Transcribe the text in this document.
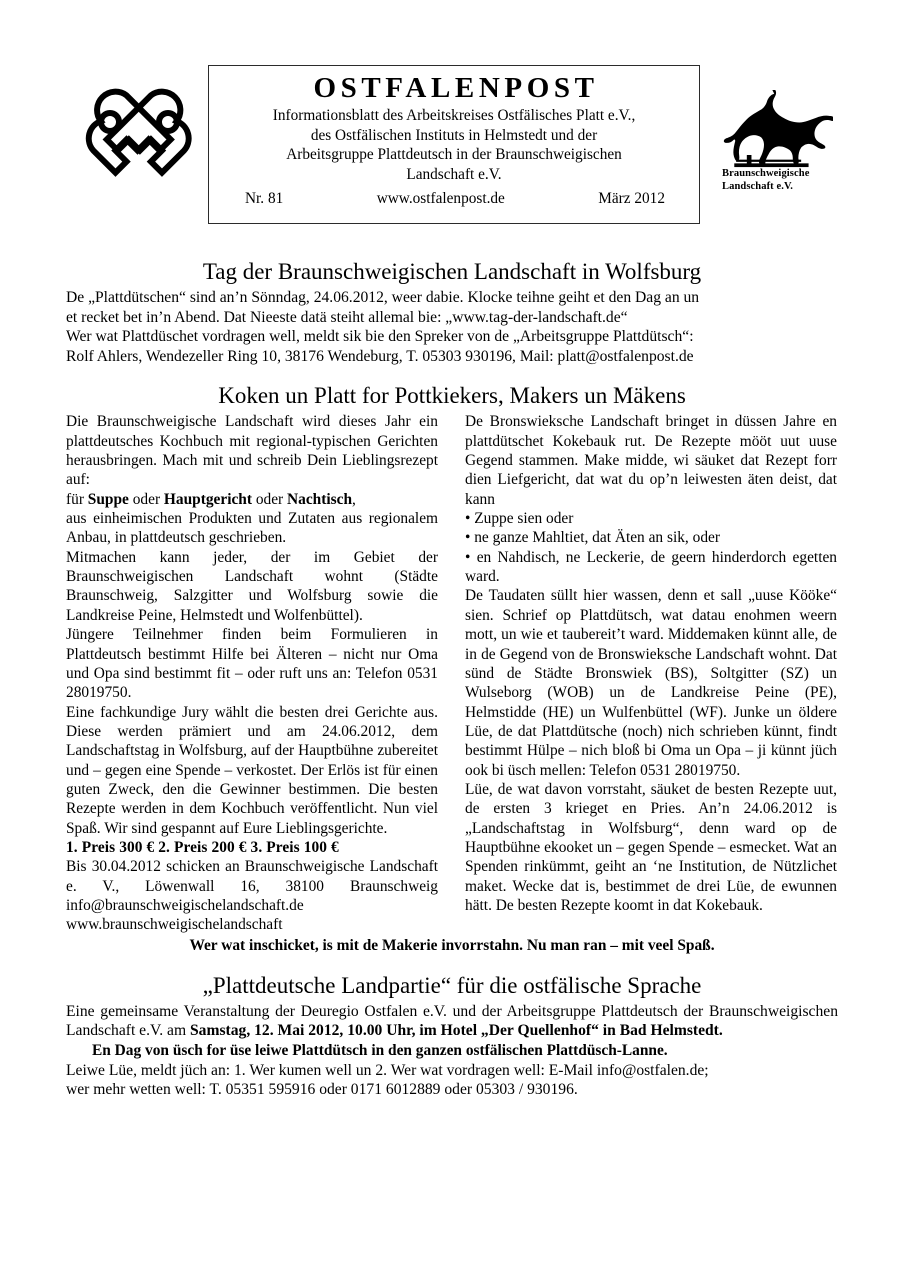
OSTFALENPOST
Informationsblatt des Arbeitskreises Ostfälisches Platt e.V.,
des Ostfälischen Instituts in Helmstedt und der
Arbeitsgruppe Plattdeutsch in der Braunschweigischen
Landschaft e.V.
Nr. 81	www.ostfalenpost.de	März 2012
Braunschweigische
Landschaft e.V.
Tag der Braunschweigischen Landschaft in Wolfsburg

De „Plattdütschen“ sind an’n Sönndag, 24.06.2012, weer dabie. Klocke teihne geiht et den Dag an un

et recket bet in’n Abend. Dat Nieeste datä steiht allemal bie: „www.tag-der-landschaft.de“

Wer wat Plattdüschet vordragen well, meldt sik bie den Spreker von de „Arbeitsgruppe Plattdütsch“:

Rolf Ahlers, Wendezeller Ring 10, 38176 Wendeburg, T. 05303 930196, Mail: platt@ostfalenpost.de

Koken un Platt for Pottkiekers, Makers un Mäkens

Die Braunschweigische Landschaft wird dieses Jahr ein plattdeutsches Kochbuch mit regional-typischen Gerichten herausbringen. Mach mit und schreib Dein Lieblingsrezept auf:

für Suppe oder Hauptgericht oder Nachtisch,

aus einheimischen Produkten und Zutaten aus regionalem Anbau, in plattdeutsch geschrieben.

Mitmachen kann jeder, der im Gebiet der Braunschweigischen Landschaft wohnt (Städte Braunschweig, Salzgitter und Wolfsburg sowie die Landkreise Peine, Helmstedt und Wolfenbüttel).

Jüngere Teilnehmer finden beim Formulieren in Plattdeutsch bestimmt Hilfe bei Älteren – nicht nur Oma und Opa sind bestimmt fit – oder ruft uns an: Telefon 0531 28019750.

Eine fachkundige Jury wählt die besten drei Gerichte aus. Diese werden prämiert und am 24.06.2012, dem Landschaftstag in Wolfsburg, auf der Hauptbühne zubereitet und – gegen eine Spende – verkostet. Der Erlös ist für einen guten Zweck, den die Gewinner bestimmen. Die besten Rezepte werden in dem Kochbuch veröffentlicht. Nun viel Spaß. Wir sind gespannt auf Eure Lieblingsgerichte.

1. Preis 300 € 2. Preis 200 € 3. Preis 100 €

Bis 30.04.2012 schicken an Braunschweigische Landschaft e. V., Löwenwall 16, 38100 Braunschweig info@braunschweigischelandschaft.de

www.braunschweigischelandschaft

De Bronswieksche Landschaft bringet in düssen Jahre en plattdütschet Kokebauk rut. De Rezepte mööt uut uuse Gegend stammen. Make midde, wi säuket dat Rezept forr dien Liefgericht, dat wat du op’n leiwesten äten deist, dat kann

• Zuppe sien oder

• ne ganze Mahltiet, dat Äten an sik, oder

• en Nahdisch, ne Leckerie, de geern hinderdorch egetten ward.

De Taudaten süllt hier wassen, denn et sall „uuse Kööke“ sien. Schrief op Plattdütsch, wat datau enohmen weern mott, un wie et taubereit’t ward. Middemaken künnt alle, de in de Gegend von de Bronswieksche Landschaft wohnt. Dat sünd de Städte Bronswiek (BS), Soltgitter (SZ) un Wulseborg (WOB) un de Landkreise Peine (PE), Helmstidde (HE) un Wulfenbüttel (WF). Junke un öldere Lüe, de dat Plattdütsche (noch) nich schrieben künnt, findt bestimmt Hülpe – nich bloß bi Oma un Opa – ji künnt jüch ook bi üsch mellen: Telefon 0531 28019750.

Lüe, de wat davon vorrstaht, säuket de besten Rezepte uut, de ersten 3 krieget en Pries. An’n 24.06.2012 is „Landschaftstag in Wolfsburg“, denn ward op de Hauptbühne ekooket un – gegen Spende – esmecket. Wat an Spenden rinkümmt, geiht an ‘ne Institution, de Nützlichet maket. Wecke dat is, bestimmet de drei Lüe, de ewunnen hätt. De besten Rezepte koomt in dat Kokebauk.

Wer wat inschicket, is mit de Makerie invorrstahn. Nu man ran – mit veel Spaß.

„Plattdeutsche Landpartie“ für die ostfälische Sprache

Eine gemeinsame Veranstaltung der Deuregio Ostfalen e.V. und der Arbeitsgruppe Plattdeutsch der Braunschweigischen Landschaft e.V. am Samstag, 12. Mai 2012, 10.00 Uhr, im Hotel „Der Quellenhof“ in Bad Helmstedt.

En Dag von üsch for üse leiwe Plattdütsch in den ganzen ostfälischen Plattdüsch-Lanne.

Leiwe Lüe, meldt jüch an: 1. Wer kumen well un 2. Wer wat vordragen well: E-Mail info@ostfalen.de;

wer mehr wetten well: T. 05351 595916 oder 0171 6012889 oder 05303 / 930196.
